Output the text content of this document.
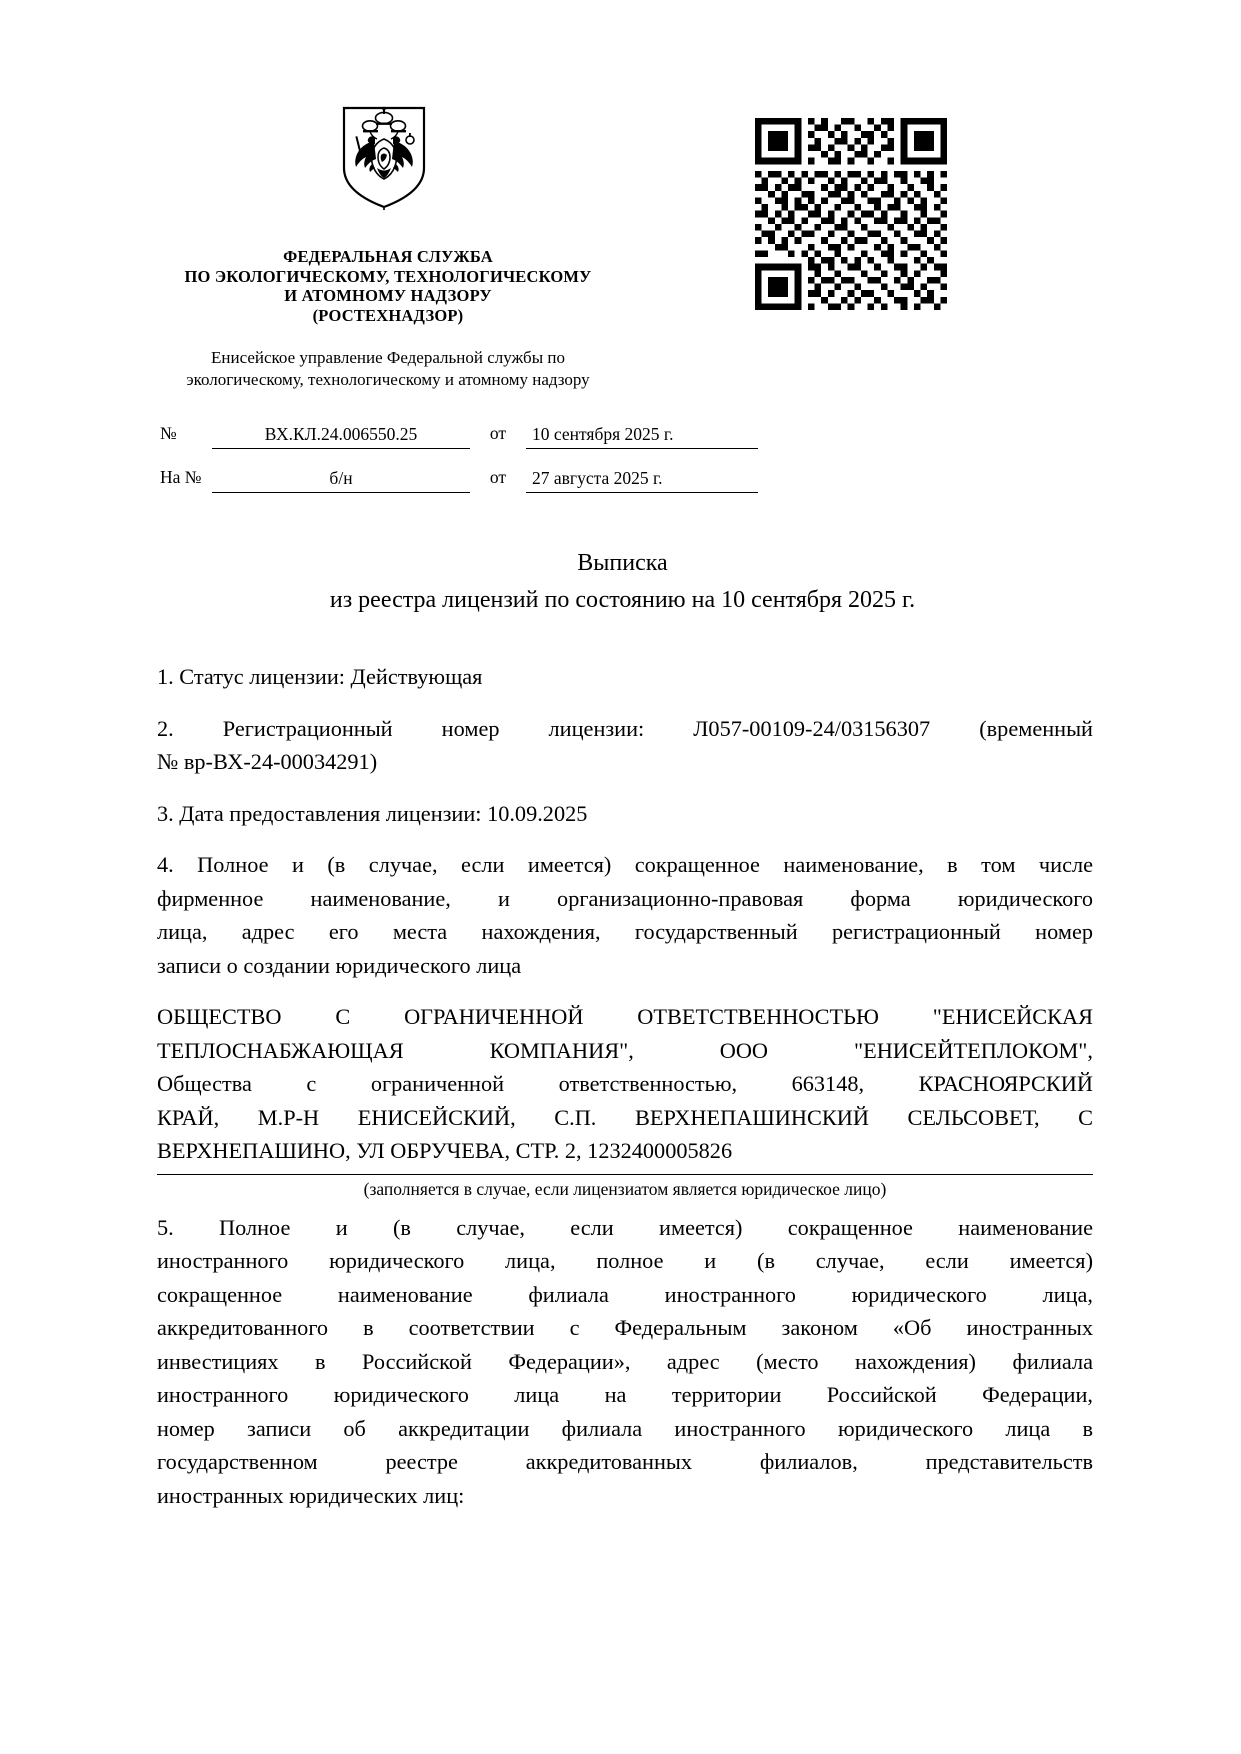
ФЕДЕРАЛЬНАЯ СЛУЖБА
ПО ЭКОЛОГИЧЕСКОМУ, ТЕХНОЛОГИЧЕСКОМУ
И АТОМНОМУ НАДЗОРУ
(РОСТЕХНАДЗОР)
Енисейское управление Федеральной службы по
экологическому, технологическому и атомному надзору
№	ВХ.КЛ.24.006550.25	от	10 сентября 2025 г.
На №	б/н	от	27 августа 2025 г.
Выписка
из реестра лицензий по состоянию на 10 сентября 2025 г.

1. Статус лицензии: Действующая

2. Регистрационный номер лицензии: Л057-00109-24/03156307 (временный
№ вр-ВХ-24-00034291)

3. Дата предоставления лицензии: 10.09.2025

4. Полное и (в случае, если имеется) сокращенное наименование, в том числе
фирменное наименование, и организационно-правовая форма юридического
лица, адрес его места нахождения, государственный регистрационный номер
записи о создании юридического лица

ОБЩЕСТВО С ОГРАНИЧЕННОЙ ОТВЕТСТВЕННОСТЬЮ "ЕНИСЕЙСКАЯ
ТЕПЛОСНАБЖАЮЩАЯ КОМПАНИЯ", ООО "ЕНИСЕЙТЕПЛОКОМ",
Общества с ограниченной ответственностью, 663148, КРАСНОЯРСКИЙ
КРАЙ, М.Р-Н ЕНИСЕЙСКИЙ, С.П. ВЕРХНЕПАШИНСКИЙ СЕЛЬСОВЕТ, С
ВЕРХНЕПАШИНО, УЛ ОБРУЧЕВА, СТР. 2, 1232400005826

(заполняется в случае, если лицензиатом является юридическое лицо)

5. Полное и (в случае, если имеется) сокращенное наименование
иностранного юридического лица, полное и (в случае, если имеется)
сокращенное наименование филиала иностранного юридического лица,
аккредитованного в соответствии с Федеральным законом «Об иностранных
инвестициях в Российской Федерации», адрес (место нахождения) филиала
иностранного юридического лица на территории Российской Федерации,
номер записи об аккредитации филиала иностранного юридического лица в
государственном реестре аккредитованных филиалов, представительств
иностранных юридических лиц:
